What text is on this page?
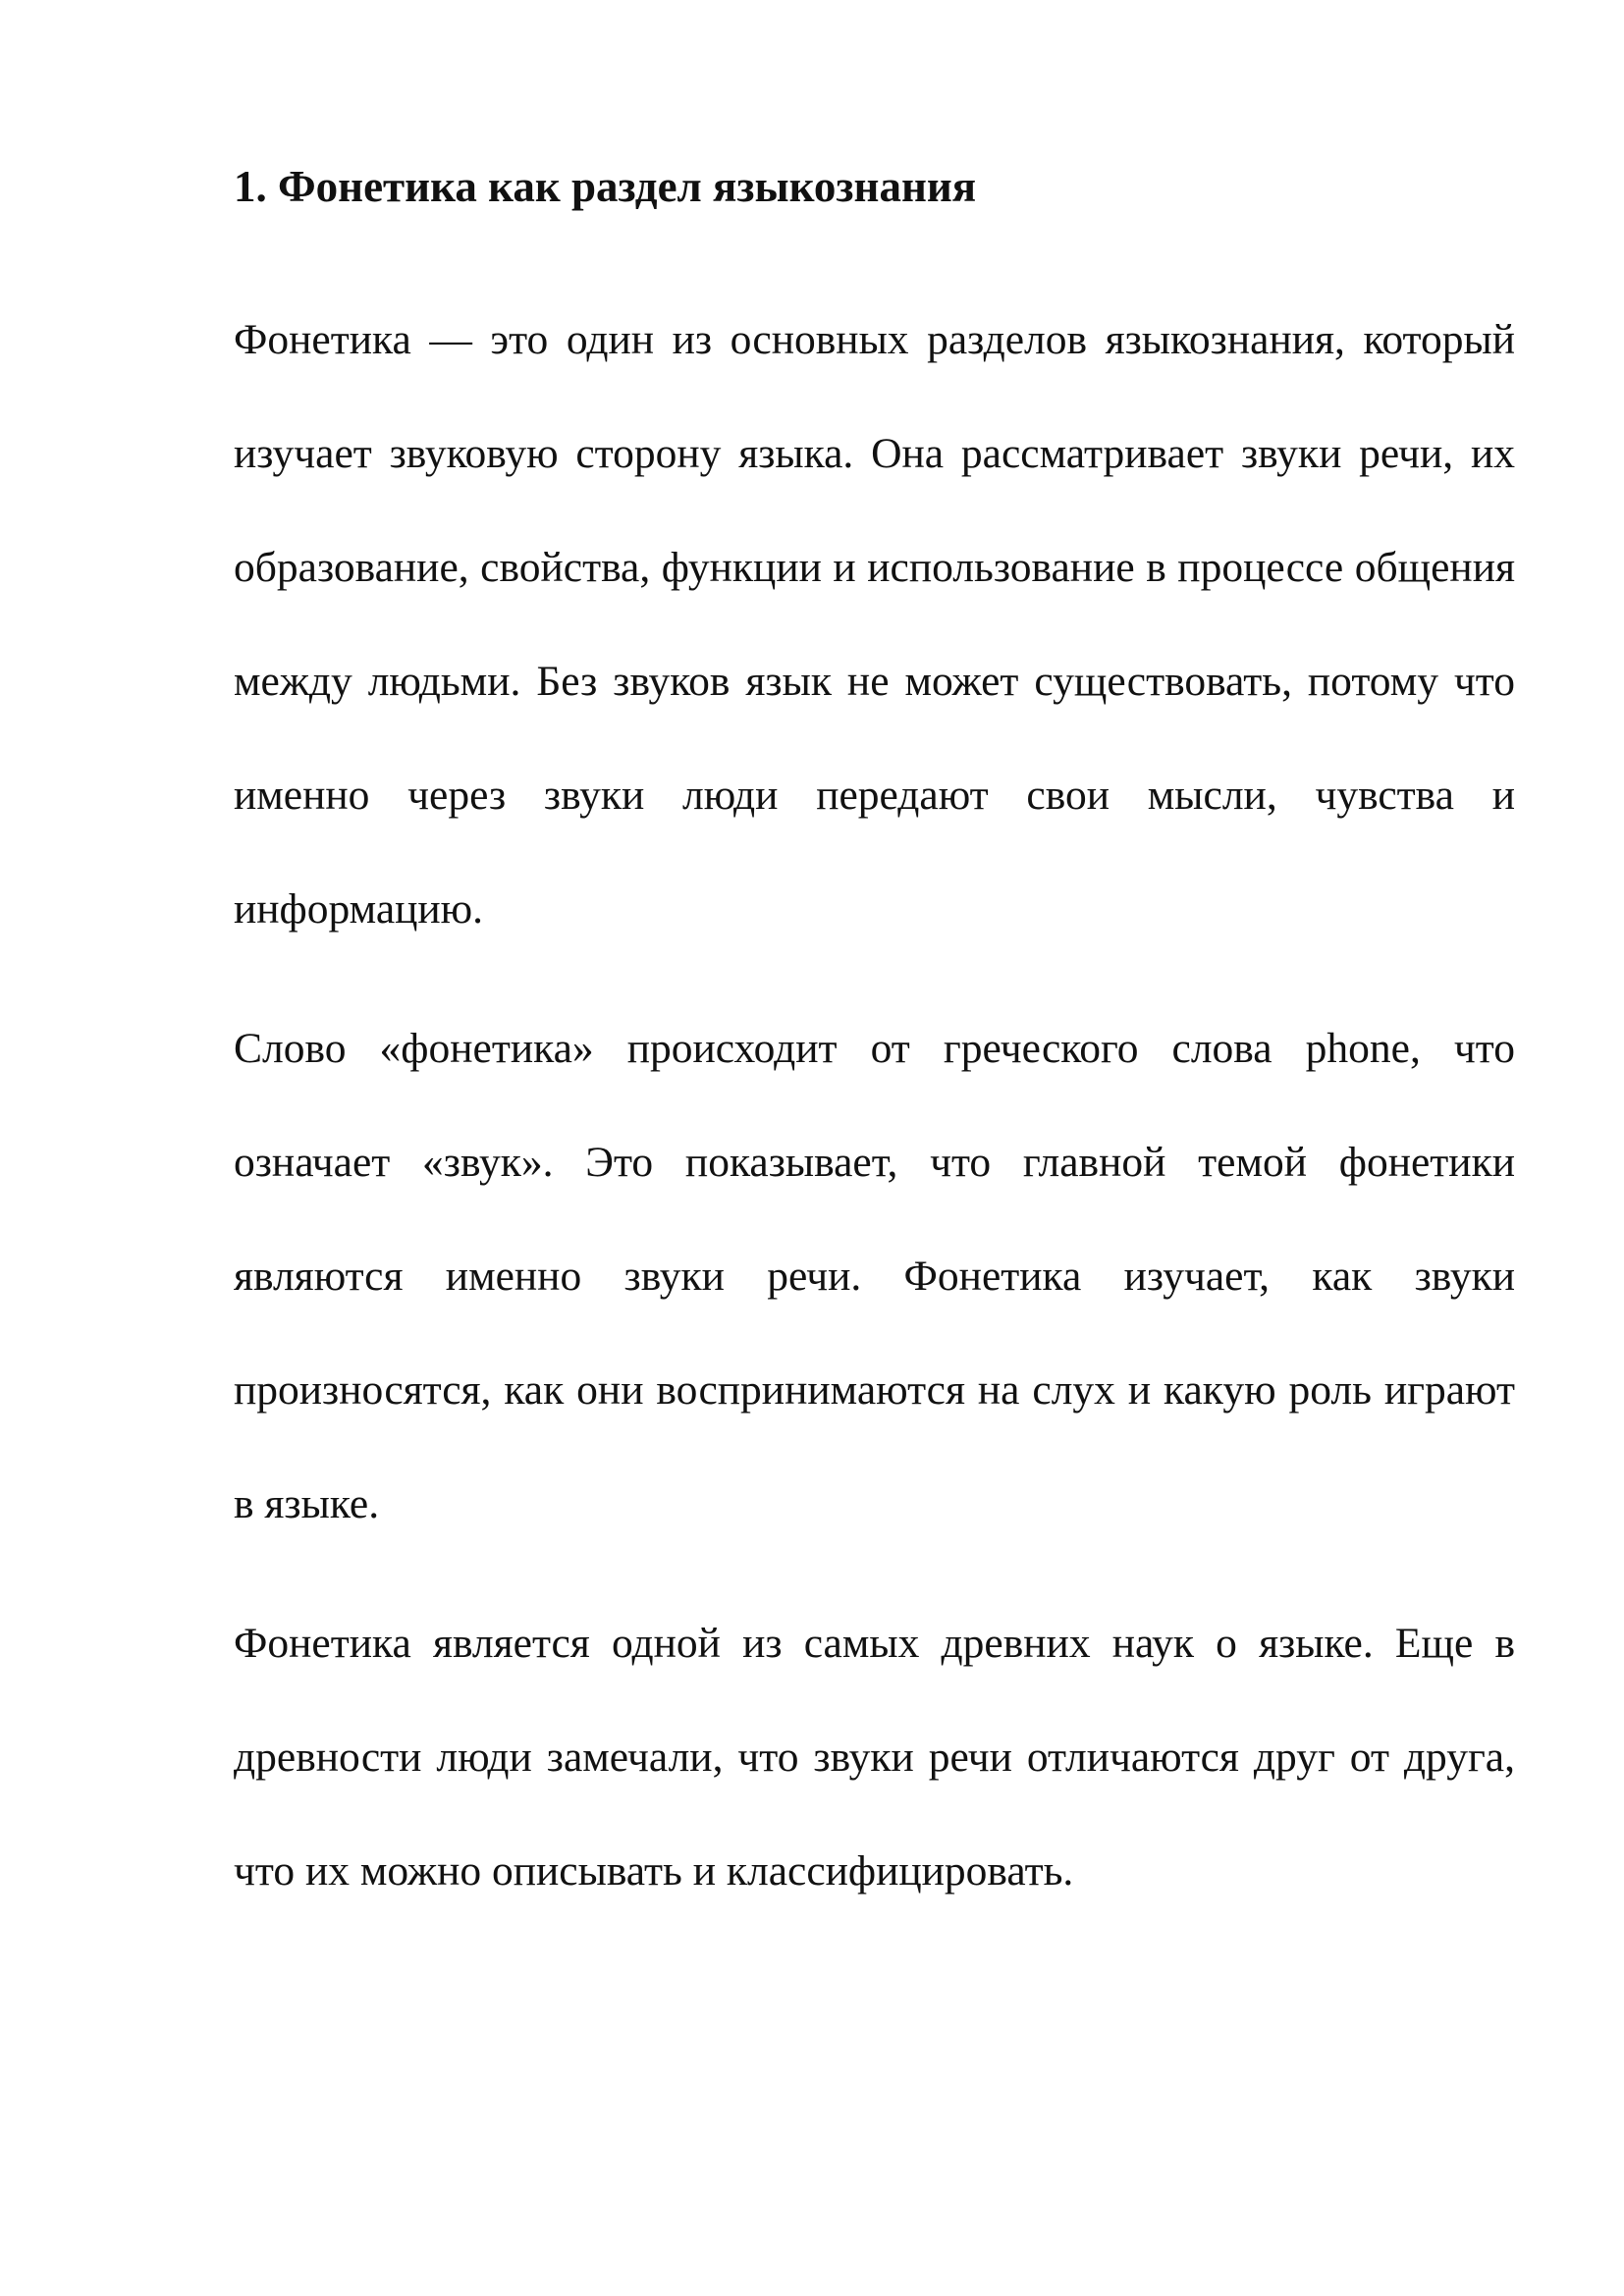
1. Фонетика как раздел языкознания

Фонетика — это один из основных разделов языкознания, который изучает звуковую сторону языка. Она рассматривает звуки речи, их образование, свойства, функции и использование в процессе общения между людьми. Без звуков язык не может существовать, потому что именно через звуки люди передают свои мысли, чувства и информацию.

Слово «фонетика» происходит от греческого слова phone, что означает «звук». Это показывает, что главной темой фонетики являются именно звуки речи. Фонетика изучает, как звуки произносятся, как они воспринимаются на слух и какую роль играют в языке.

Фонетика является одной из самых древних наук о языке. Еще в древности люди замечали, что звуки речи отличаются друг от друга, что их можно описывать и классифицировать.
